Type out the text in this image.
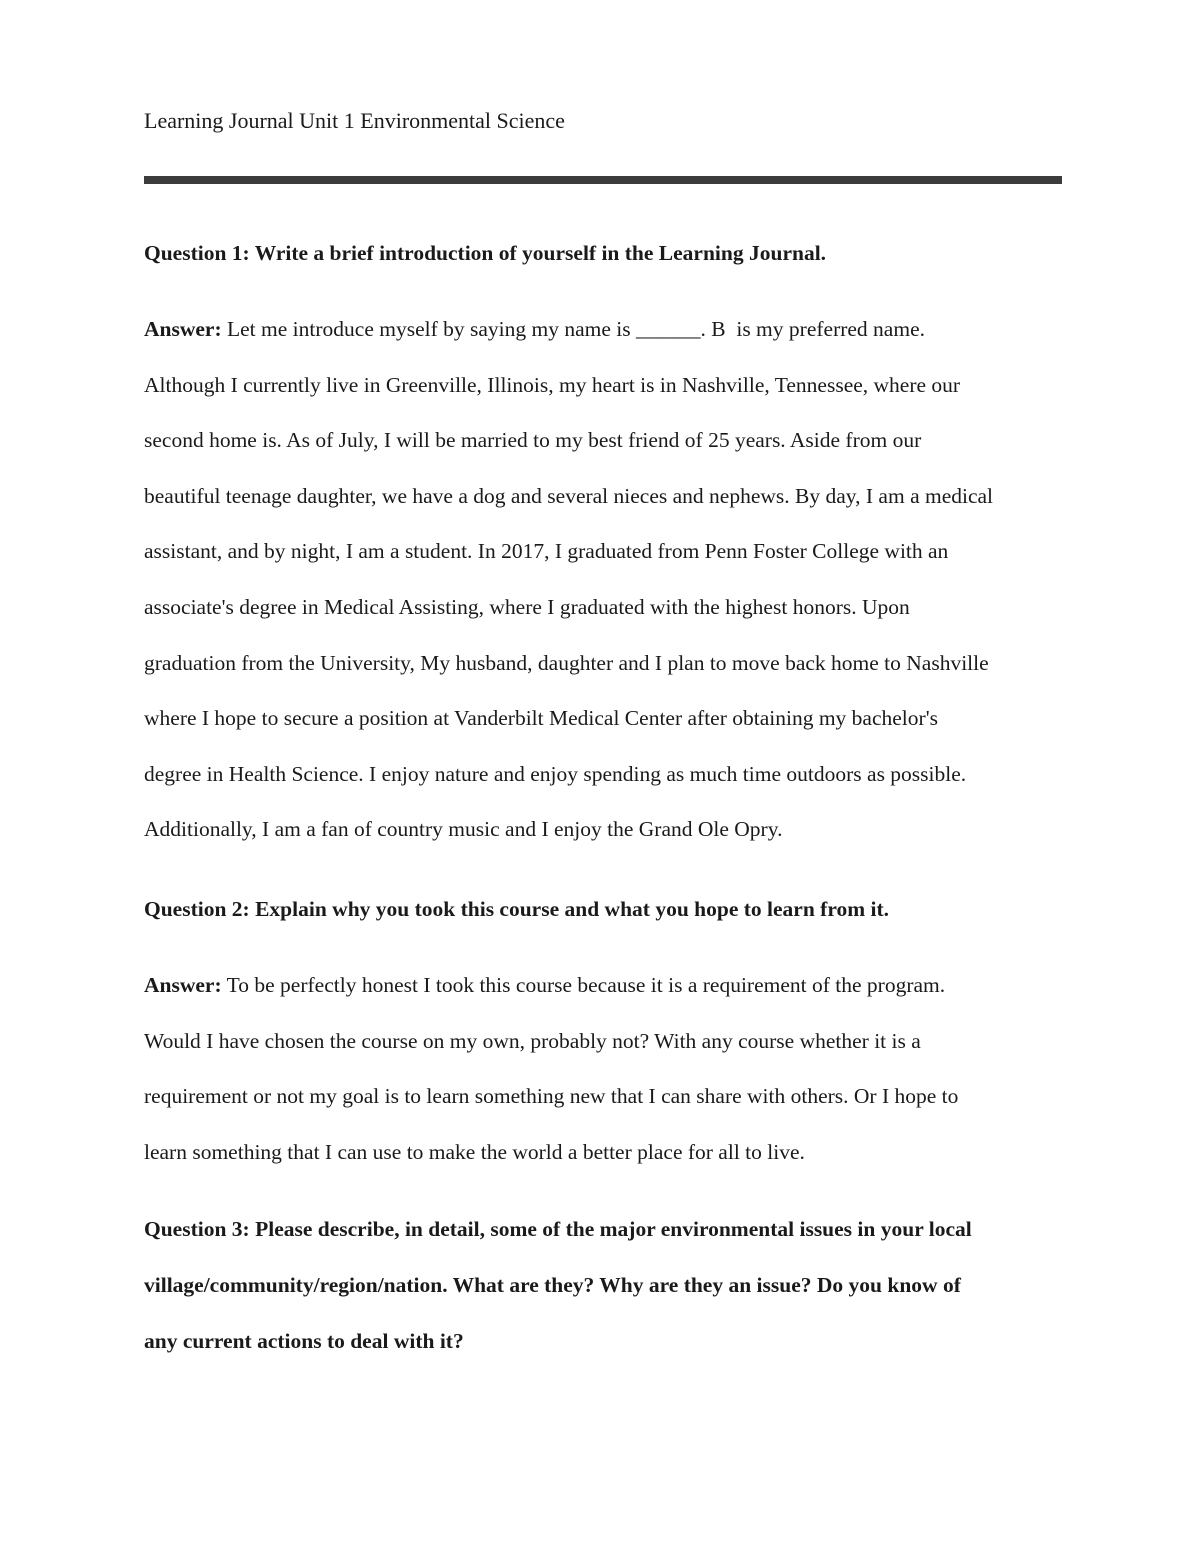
Learning Journal Unit 1 Environmental Science
Question 1: Write a brief introduction of yourself in the Learning Journal.
Answer: Let me introduce myself by saying my name is ______. B  is my preferred name.
Although I currently live in Greenville, Illinois, my heart is in Nashville, Tennessee, where our
second home is. As of July, I will be married to my best friend of 25 years. Aside from our
beautiful teenage daughter, we have a dog and several nieces and nephews. By day, I am a medical
assistant, and by night, I am a student. In 2017, I graduated from Penn Foster College with an
associate's degree in Medical Assisting, where I graduated with the highest honors. Upon
graduation from the University, My husband, daughter and I plan to move back home to Nashville
where I hope to secure a position at Vanderbilt Medical Center after obtaining my bachelor's
degree in Health Science. I enjoy nature and enjoy spending as much time outdoors as possible.
Additionally, I am a fan of country music and I enjoy the Grand Ole Opry.
Question 2: Explain why you took this course and what you hope to learn from it.
Answer: To be perfectly honest I took this course because it is a requirement of the program.
Would I have chosen the course on my own, probably not? With any course whether it is a
requirement or not my goal is to learn something new that I can share with others. Or I hope to
learn something that I can use to make the world a better place for all to live.
Question 3: Please describe, in detail, some of the major environmental issues in your local
village/community/region/nation. What are they? Why are they an issue? Do you know of
any current actions to deal with it?
